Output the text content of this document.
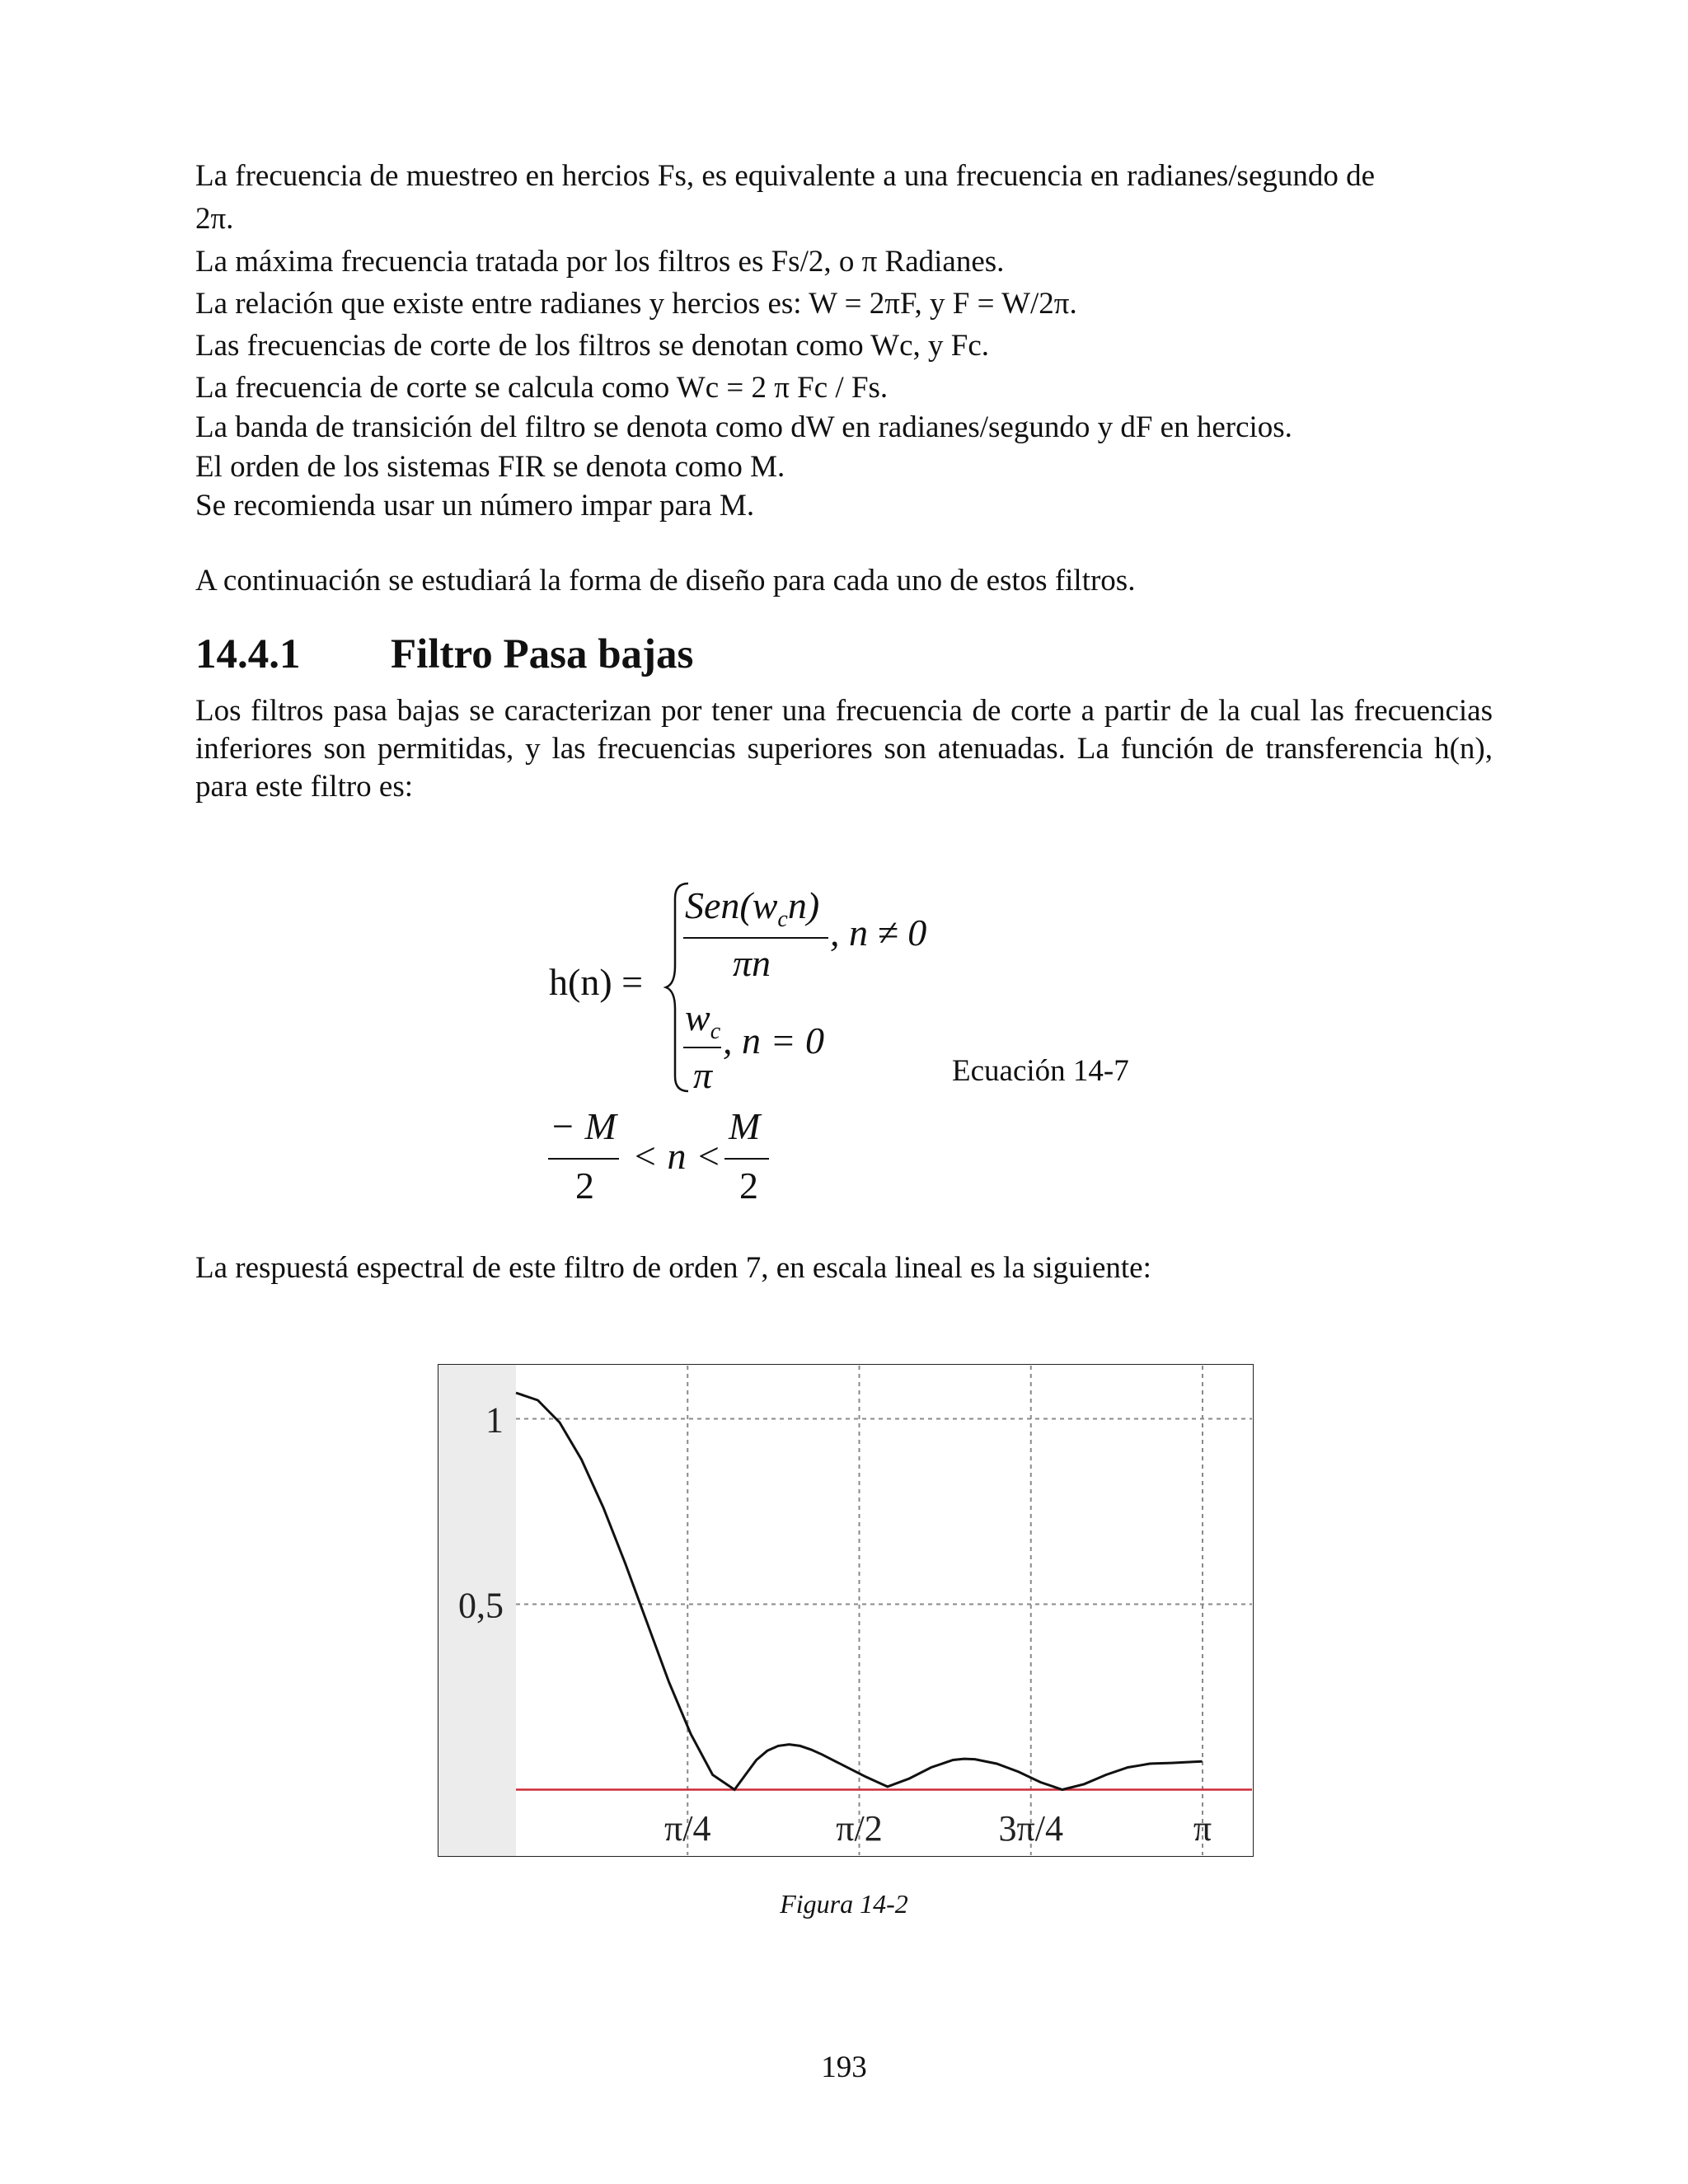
La frecuencia de muestreo en hercios Fs, es equivalente a una frecuencia en radianes/segundo de
2π.
La máxima frecuencia tratada por los filtros es Fs/2, o π Radianes.
La relación que existe entre radianes y hercios es: W = 2πF, y F = W/2π.
Las frecuencias de corte de los filtros se denotan como Wc, y Fc.
La frecuencia de corte se calcula como Wc = 2 π Fc / Fs.
La banda de transición del filtro se denota como dW en radianes/segundo y dF en hercios.
El orden de los sistemas FIR se denota como M.
Se recomienda usar un número impar para M.
A continuación se estudiará la forma de diseño para cada uno de estos filtros.
14.4.1 Filtro Pasa bajas
Los filtros pasa bajas se caracterizan por tener una frecuencia de corte a partir de la cual las frecuencias inferiores son permitidas, y las frecuencias superiores son atenuadas. La función de transferencia h(n), para este filtro es:
h(n) =
$Sen(w_cn)$
πn
, n ≠ 0
$w_c$
π
, n = 0
− M
2
< n <
M
2
Ecuación 14-7
La respuestá espectral de este filtro de orden 7, en escala lineal es la siguiente:
1
0,5
π/4	π/2	3π/4	π
Figura 14-2
193
